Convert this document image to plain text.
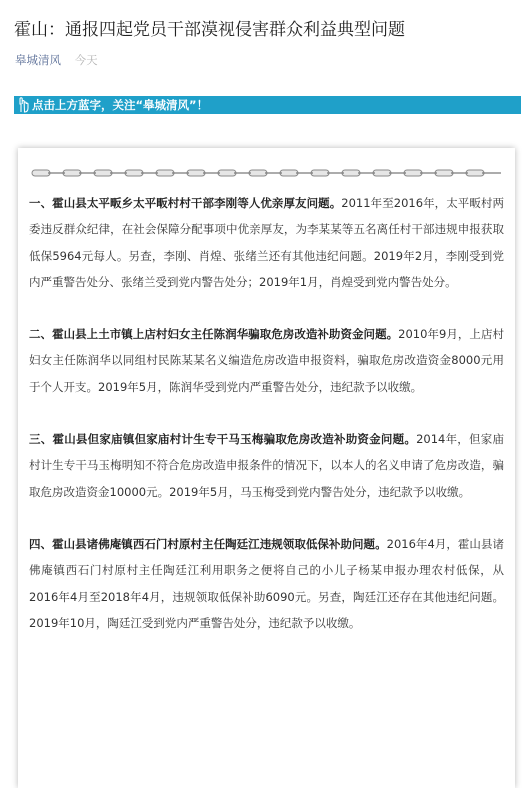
霍山：通报四起党员干部漠视侵害群众利益典型问题
皋城清风 今天
点击上方蓝字，关注“皋城清风”！

一、霍山县太平畈乡太平畈村村干部李刚等人优亲厚友问题。2011年至2016年，太平畈村两委违反群众纪律，在社会保障分配事项中优亲厚友，为李某某等五名离任村干部违规申报获取低保5964元每人。另查，李刚、肖煌、张绪兰还有其他违纪问题。2019年2月，李刚受到党内严重警告处分、张绪兰受到党内警告处分；2019年1月，肖煌受到党内警告处分。

二、霍山县上土市镇上店村妇女主任陈润华骗取危房改造补助资金问题。2010年9月，上店村妇女主任陈润华以同组村民陈某某名义编造危房改造申报资料，骗取危房改造资金8000元用于个人开支。2019年5月，陈润华受到党内严重警告处分，违纪款予以收缴。

三、霍山县但家庙镇但家庙村计生专干马玉梅骗取危房改造补助资金问题。2014年，但家庙村计生专干马玉梅明知不符合危房改造申报条件的情况下，以本人的名义申请了危房改造，骗取危房改造资金10000元。2019年5月，马玉梅受到党内警告处分，违纪款予以收缴。

四、霍山县诸佛庵镇西石门村原村主任陶廷江违规领取低保补助问题。2016年4月，霍山县诸佛庵镇西石门村原村主任陶廷江利用职务之便将自己的小儿子杨某申报办理农村低保，从2016年4月至2018年4月，违规领取低保补助6090元。另查，陶廷江还存在其他违纪问题。2019年10月，陶廷江受到党内严重警告处分，违纪款予以收缴。
